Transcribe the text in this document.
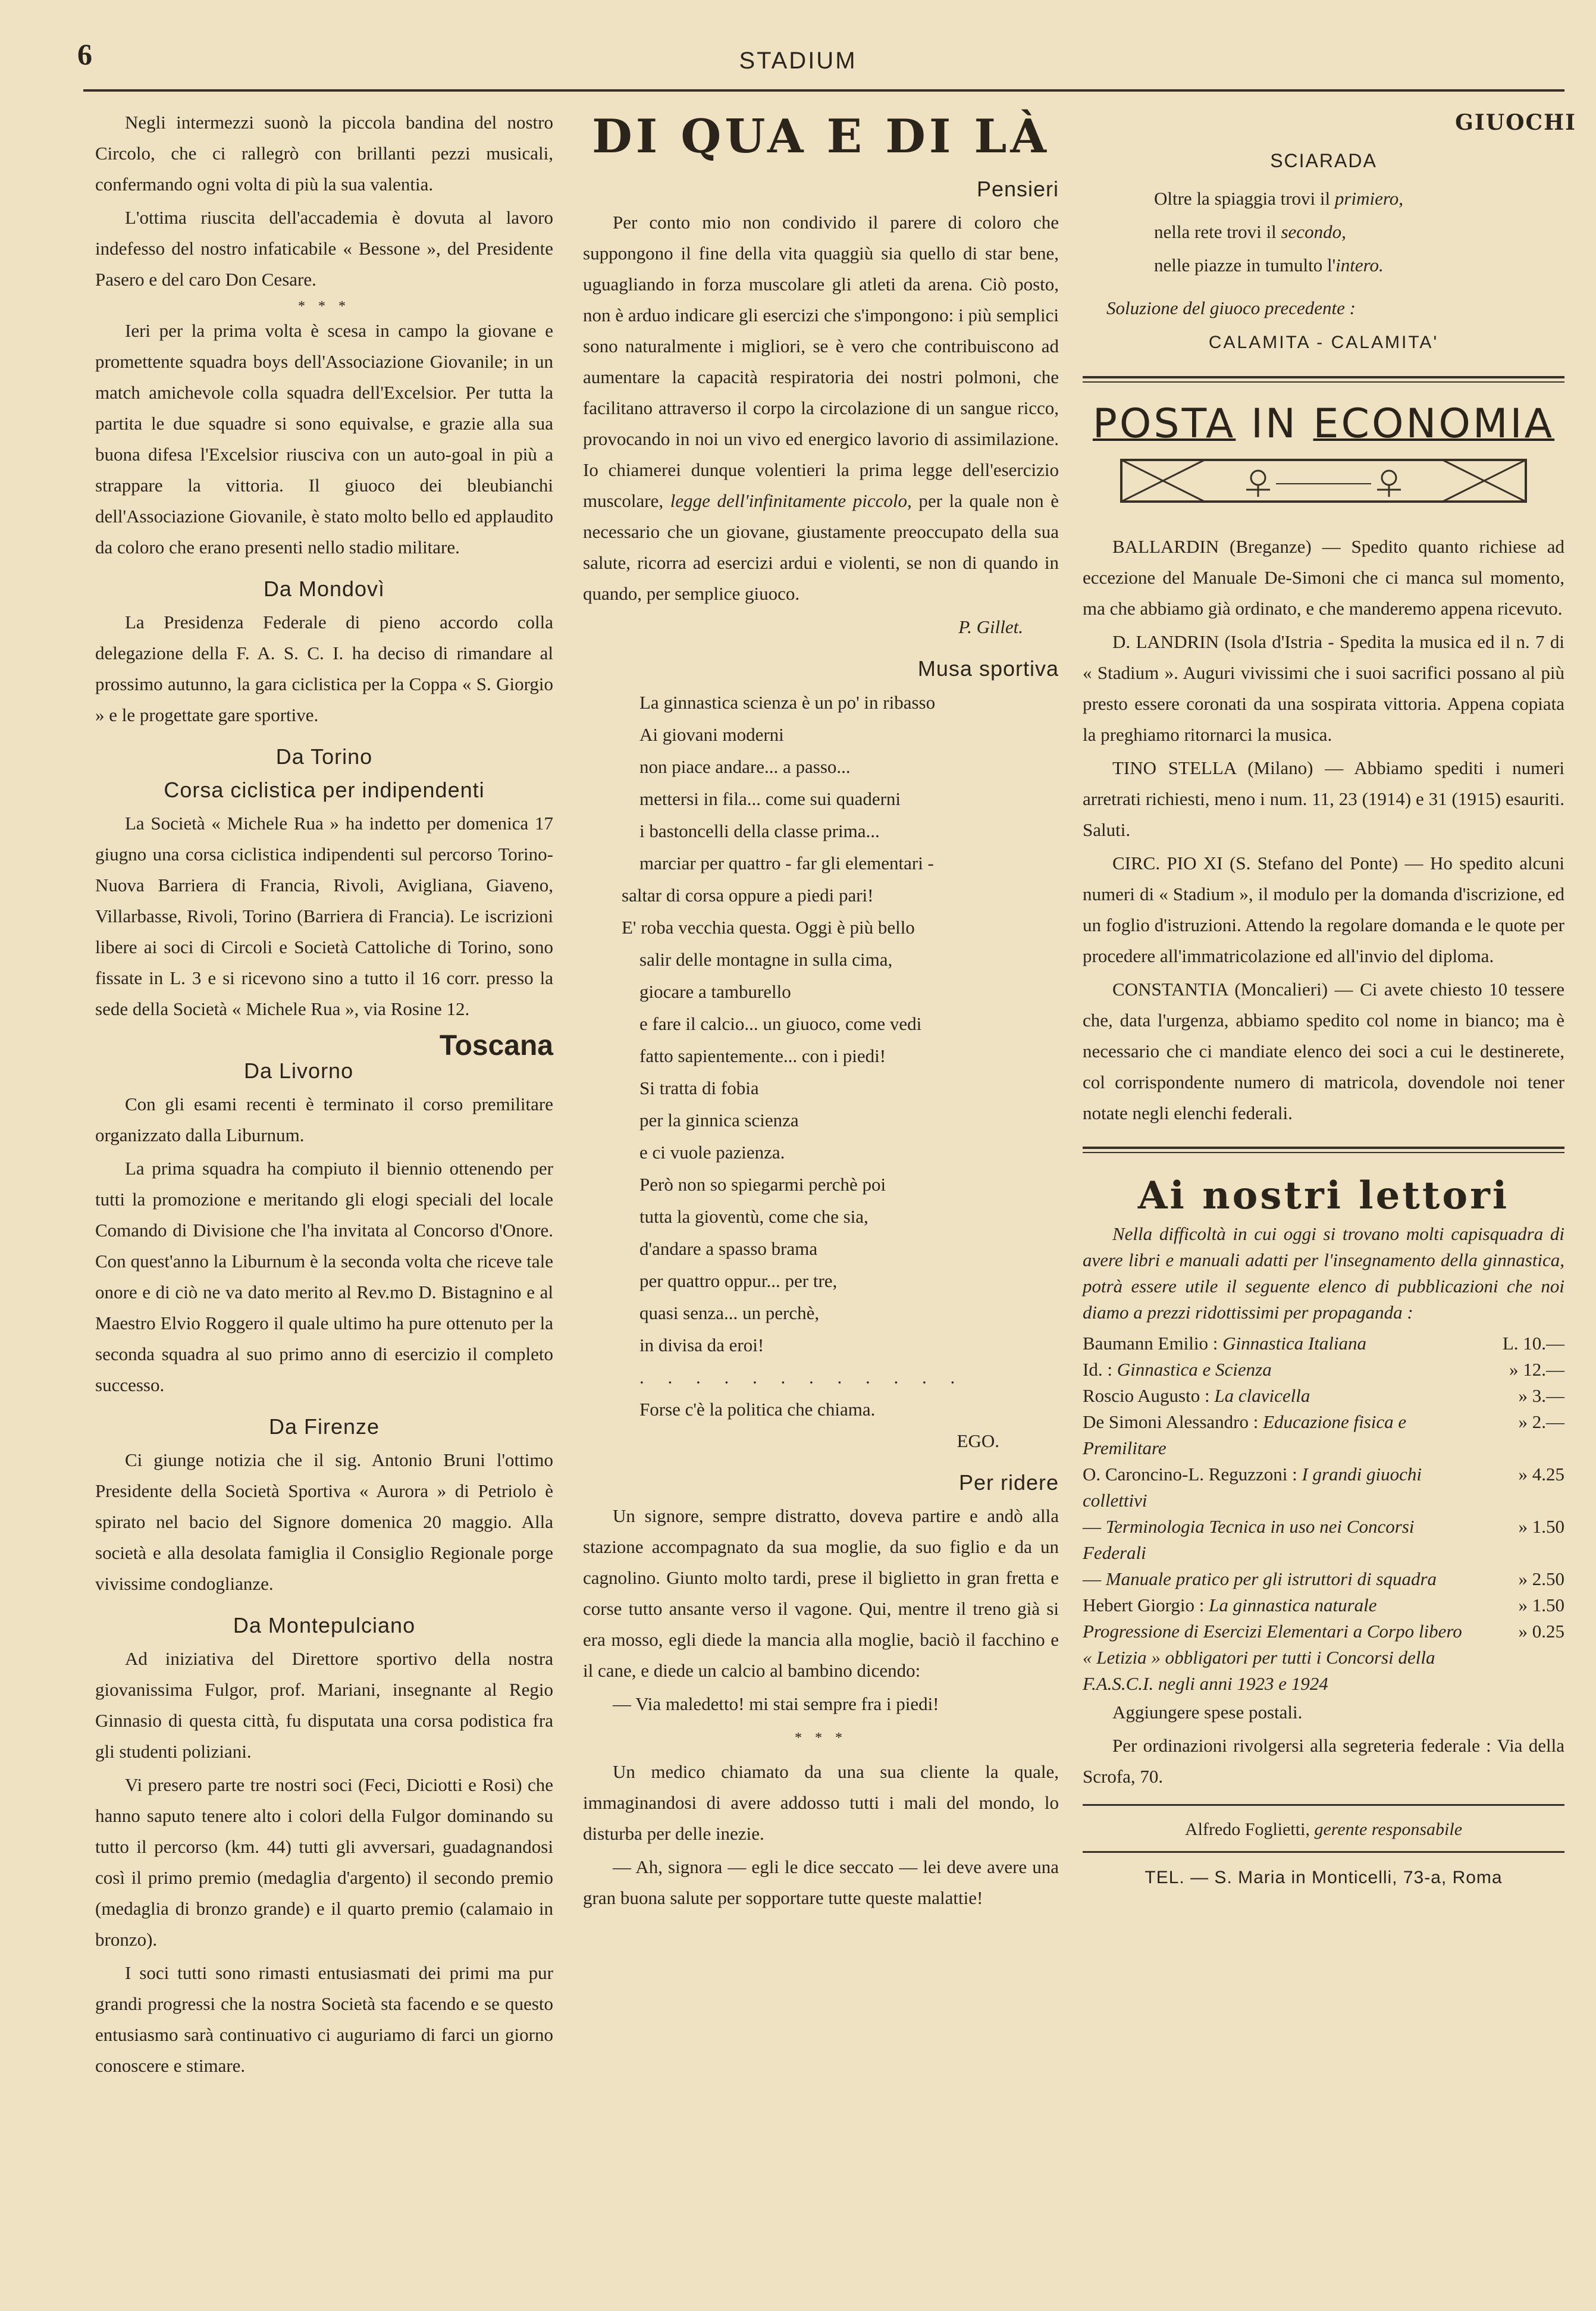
6	STADIUM

Negli intermezzi suonò la piccola bandina del nostro Circolo, che ci rallegrò con brillanti pezzi musicali, confermando ogni volta di più la sua valentia.

L'ottima riuscita dell'accademia è dovuta al lavoro indefesso del nostro infaticabile « Bessone », del Presidente Pasero e del caro Don Cesare.

* * *

Ieri per la prima volta è scesa in campo la giovane e promettente squadra boys dell'Associazione Giovanile; in un match amichevole colla squadra dell'Excelsior. Per tutta la partita le due squadre si sono equivalse, e grazie alla sua buona difesa l'Excelsior riusciva con un auto-goal in più a strappare la vittoria. Il giuoco dei bleubianchi dell'Associazione Giovanile, è stato molto bello ed applaudito da coloro che erano presenti nello stadio militare.

Da Mondovì

La Presidenza Federale di pieno accordo colla delegazione della F. A. S. C. I. ha deciso di rimandare al prossimo autunno, la gara ciclistica per la Coppa « S. Giorgio » e le progettate gare sportive.

Da Torino
Corsa ciclistica per indipendenti

La Società « Michele Rua » ha indetto per domenica 17 giugno una corsa ciclistica indipendenti sul percorso Torino-Nuova Barriera di Francia, Rivoli, Avigliana, Giaveno, Villarbasse, Rivoli, Torino (Barriera di Francia). Le iscrizioni libere ai soci di Circoli e Società Cattoliche di Torino, sono fissate in L. 3 e si ricevono sino a tutto il 16 corr. presso la sede della Società « Michele Rua », via Rosine 12.

Toscana
Da Livorno

Con gli esami recenti è terminato il corso premilitare organizzato dalla Liburnum.

La prima squadra ha compiuto il biennio ottenendo per tutti la promozione e meritando gli elogi speciali del locale Comando di Divisione che l'ha invitata al Concorso d'Onore. Con quest'anno la Liburnum è la seconda volta che riceve tale onore e di ciò ne va dato merito al Rev.mo D. Bistagnino e al Maestro Elvio Roggero il quale ultimo ha pure ottenuto per la seconda squadra al suo primo anno di esercizio il completo successo.

Da Firenze

Ci giunge notizia che il sig. Antonio Bruni l'ottimo Presidente della Società Sportiva « Aurora » di Petriolo è spirato nel bacio del Signore domenica 20 maggio. Alla società e alla desolata famiglia il Consiglio Regionale porge vivissime condoglianze.

Da Montepulciano

Ad iniziativa del Direttore sportivo della nostra giovanissima Fulgor, prof. Mariani, insegnante al Regio Ginnasio di questa città, fu disputata una corsa podistica fra gli studenti poliziani.

Vi presero parte tre nostri soci (Feci, Diciotti e Rosi) che hanno saputo tenere alto i colori della Fulgor dominando su tutto il percorso (km. 44) tutti gli avversari, guadagnandosi così il primo premio (medaglia d'argento) il secondo premio (medaglia di bronzo grande) e il quarto premio (calamaio in bronzo).

I soci tutti sono rimasti entusiasmati dei primi ma pur grandi progressi che la nostra Società sta facendo e se questo entusiasmo sarà continuativo ci auguriamo di farci un giorno conoscere e stimare.

DI QUA E DI LÀ
Pensieri

Per conto mio non condivido il parere di coloro che suppongono il fine della vita quaggiù sia quello di star bene, uguagliando in forza muscolare gli atleti da arena. Ciò posto, non è arduo indicare gli esercizi che s'impongono: i più semplici sono naturalmente i migliori, se è vero che contribuiscono ad aumentare la capacità respiratoria dei nostri polmoni, che facilitano attraverso il corpo la circolazione di un sangue ricco, provocando in noi un vivo ed energico lavorio di assimilazione. Io chiamerei dunque volentieri la prima legge dell'esercizio muscolare, legge dell'infinitamente piccolo, per la quale non è necessario che un giovane, giustamente preoccupato della sua salute, ricorra ad esercizi ardui e violenti, se non di quando in quando, per semplice giuoco.

P. Gillet.
Musa sportiva
La ginnastica scienza è un po' in ribasso
Ai giovani moderni
non piace andare... a passo...
mettersi in fila... come sui quaderni
i bastoncelli della classe prima...
marciar per quattro - far gli elementari -
saltar di corsa oppure a piedi pari!
E' roba vecchia questa. Oggi è più bello
salir delle montagne in sulla cima,
giocare a tamburello
e fare il calcio... un giuoco, come vedi
fatto sapientemente... con i piedi!
Si tratta di fobia
per la ginnica scienza
e ci vuole pazienza.
Però non so spiegarmi perchè poi
tutta la gioventù, come che sia,
d'andare a spasso brama
per quattro oppur... per tre,
quasi senza... un perchè,
in divisa da eroi!
. . . . . . . . . . . .
Forse c'è la politica che chiama.
EGO.
Per ridere

Un signore, sempre distratto, doveva partire e andò alla stazione accompagnato da sua moglie, da suo figlio e da un cagnolino. Giunto molto tardi, prese il biglietto in gran fretta e corse tutto ansante verso il vagone. Qui, mentre il treno già si era mosso, egli diede la mancia alla moglie, baciò il facchino e il cane, e diede un calcio al bambino dicendo:

— Via maledetto! mi stai sempre fra i piedi!

* * *

Un medico chiamato da una sua cliente la quale, immaginandosi di avere addosso tutti i mali del mondo, lo disturba per delle inezie.

— Ah, signora — egli le dice seccato — lei deve avere una gran buona salute per sopportare tutte queste malattie!

GIUOCHI
SCIARADA
Oltre la spiaggia trovi il primiero,
nella rete trovi il secondo,
nelle piazze in tumulto l'intero.
Soluzione del giuoco precedente :
CALAMITA - CALAMITA'
POSTA IN ECONOMIA

BALLARDIN (Breganze) — Spedito quanto richiese ad eccezione del Manuale De-Simoni che ci manca sul momento, ma che abbiamo già ordinato, e che manderemo appena ricevuto.

D. LANDRIN (Isola d'Istria - Spedita la musica ed il n. 7 di « Stadium ». Auguri vivissimi che i suoi sacrifici possano al più presto essere coronati da una sospirata vittoria. Appena copiata la preghiamo ritornarci la musica.

TINO STELLA (Milano) — Abbiamo spediti i numeri arretrati richiesti, meno i num. 11, 23 (1914) e 31 (1915) esauriti. Saluti.

CIRC. PIO XI (S. Stefano del Ponte) — Ho spedito alcuni numeri di « Stadium », il modulo per la domanda d'iscrizione, ed un foglio d'istruzioni. Attendo la regolare domanda e le quote per procedere all'immatricolazione ed all'invio del diploma.

CONSTANTIA (Moncalieri) — Ci avete chiesto 10 tessere che, data l'urgenza, abbiamo spedito col nome in bianco; ma è necessario che ci mandiate elenco dei soci a cui le destinerete, col corrispondente numero di matricola, dovendole noi tener notate negli elenchi federali.

Ai nostri lettori
Nella difficoltà in cui oggi si trovano molti capisquadra di avere libri e manuali adatti per l'insegnamento della ginnastica, potrà essere utile il seguente elenco di pubblicazioni che noi diamo a prezzi ridottissimi per propaganda :
Baumann Emilio : Ginnastica Italiana	L. 10.—
Id. : Ginnastica e Scienza	» 12.—
Roscio Augusto : La clavicella	» 3.—
De Simoni Alessandro : Educazione fisica e Premilitare
» 2.—
O. Caroncino-L. Reguzzoni : I grandi giuochi collettivi
» 4.25
— Terminologia Tecnica in uso nei Concorsi Federali
» 1.50
— Manuale pratico per gli istruttori di squadra	» 2.50
Hebert Giorgio : La ginnastica naturale	» 1.50
Progressione di Esercizi Elementari a Corpo libero « Letizia » obbligatori per tutti i Concorsi della F.A.S.C.I. negli anni 1923 e 1924
» 0.25

Aggiungere spese postali.

Per ordinazioni rivolgersi alla segreteria federale : Via della Scrofa, 70.

Alfredo Foglietti, gerente responsabile
TEL. — S. Maria in Monticelli, 73-a, Roma
